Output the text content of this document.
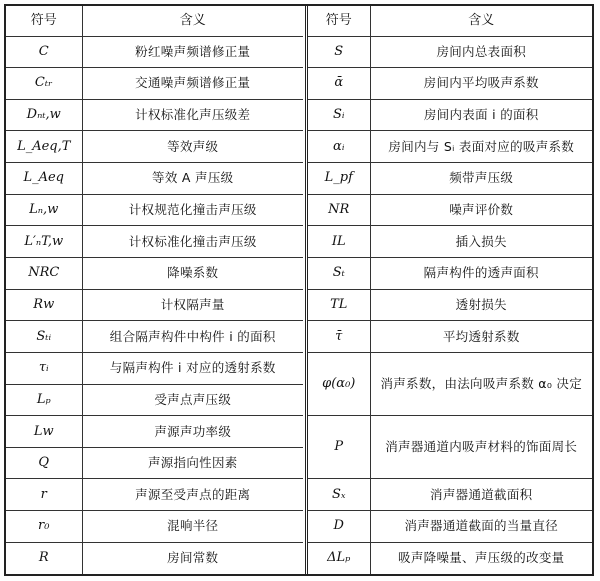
符号	含义
C	粉红噪声频谱修正量
Cₜᵣ	交通噪声频谱修正量
Dₙₜ,w	计权标准化声压级差
L_Aeq,T	等效声级
L_Aeq	等效 A 声压级
Lₙ,w	计权规范化撞击声压级
L′ₙT,w	计权标准化撞击声压级
NRC	降噪系数
Rw	计权隔声量
Sₜᵢ	组合隔声构件中构件 i 的面积
τᵢ	与隔声构件 i 对应的透射系数
Lₚ	受声点声压级
Lw	声源声功率级
Q	声源指向性因素
r	声源至受声点的距离
r₀	混响半径
R	房间常数
符号	含义
S	房间内总表面积
ᾱ	房间内平均吸声系数
Sᵢ	房间内表面 i 的面积
αᵢ	房间内与 Sᵢ 表面对应的吸声系数
L_pf	频带声压级
NR	噪声评价数
IL	插入损失
Sₜ	隔声构件的透声面积
TL	透射损失
τ̄	平均透射系数
φ(α₀)	消声系数，由法向吸声系数 α₀ 决定
P	消声器通道内吸声材料的饰面周长
Sₓ	消声器通道截面积
D	消声器通道截面的当量直径
ΔLₚ	吸声降噪量、声压级的改变量
